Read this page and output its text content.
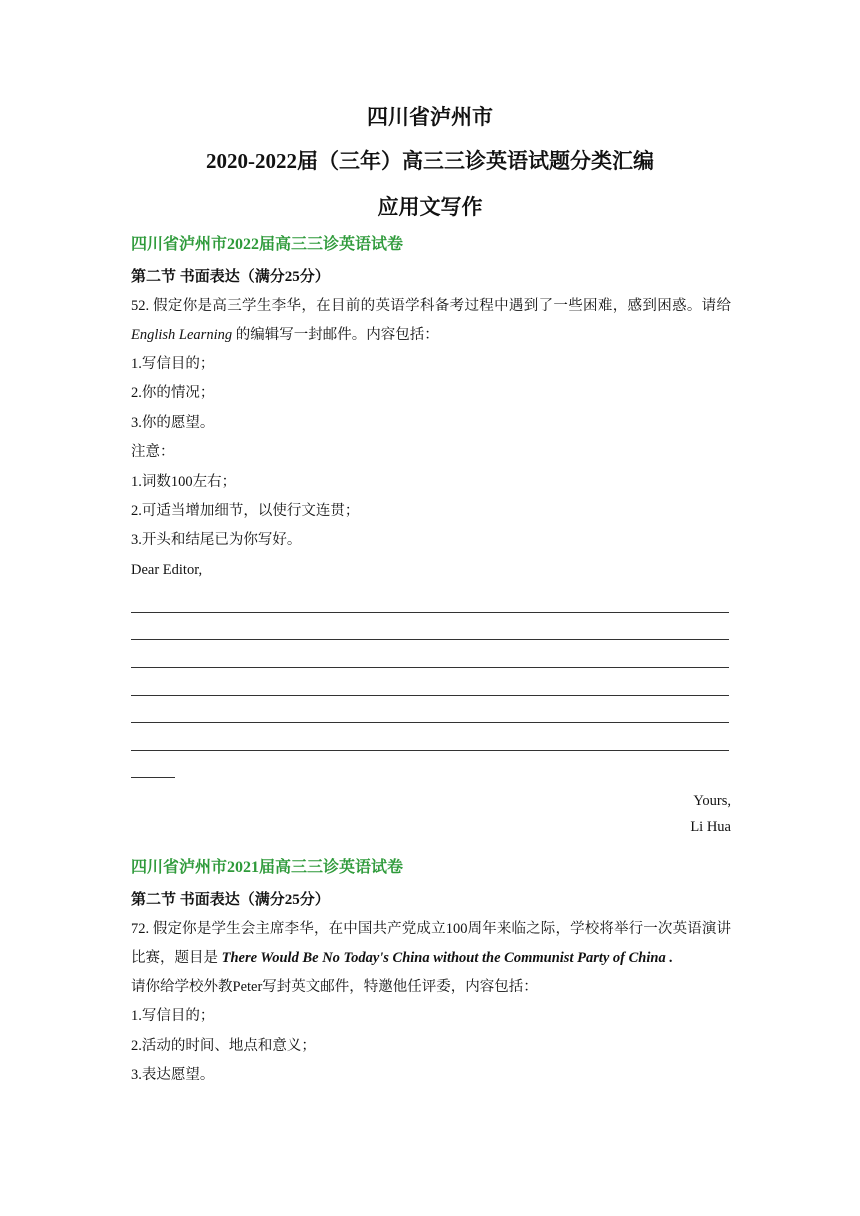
四川省泸州市

2020-2022届（三年）高三三诊英语试题分类汇编

应用文写作

四川省泸州市2022届高三三诊英语试卷
第二节 书面表达（满分25分）
52. 假定你是高三学生李华，在目前的英语学科备考过程中遇到了一些困难，感到困惑。请给 English Learning 的编辑写一封邮件。内容包括：
1.写信目的；
2.你的情况；
3.你的愿望。
注意：
1.词数100左右；
2.可适当增加细节，以使行文连贯；
3.开头和结尾已为你写好。
Dear Editor,
Yours,
Li Hua
四川省泸州市2021届高三三诊英语试卷
第二节 书面表达（满分25分）
72. 假定你是学生会主席李华，在中国共产党成立100周年来临之际，学校将举行一次英语演讲比赛，题目是 There Would Be No Today's China without the Communist Party of China .
请你给学校外教Peter写封英文邮件，特邀他任评委，内容包括：
1.写信目的；
2.活动的时间、地点和意义；
3.表达愿望。
